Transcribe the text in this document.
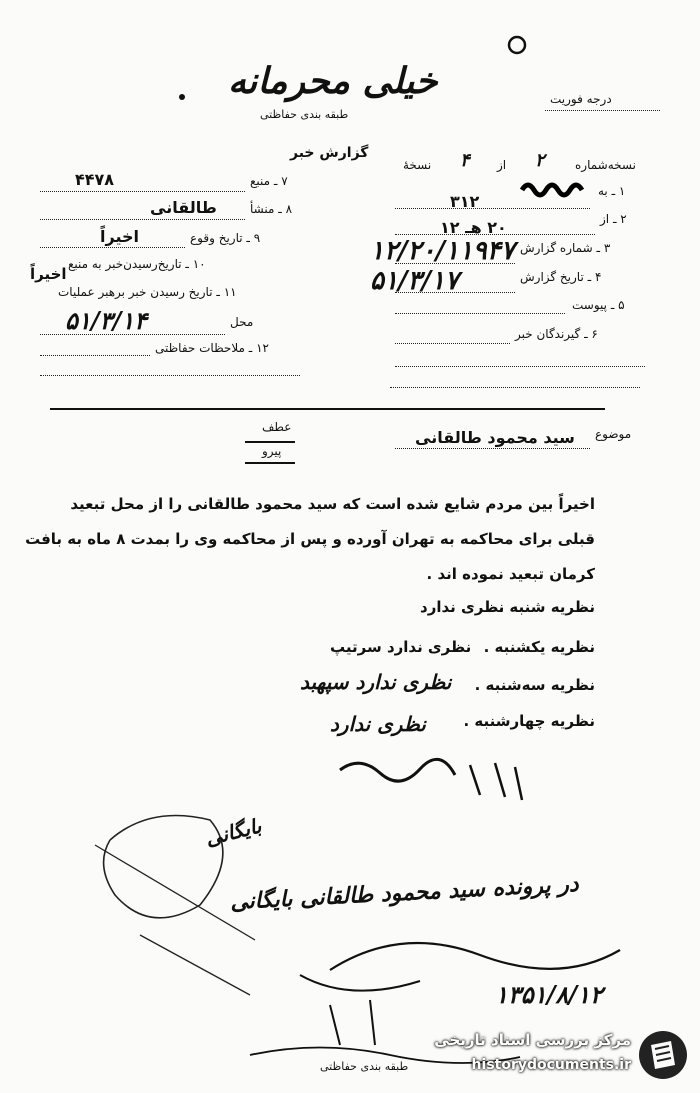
خیلی محرمانه
طبقه بندی حفاظتی
درجه فوریت
گزارش خبر
۷ ـ منبع
۴۴۷۸
۸ ـ منشأ
طالقانی
۹ ـ تاریخ وقوع
اخیراً
۱۰ ـ تاریخ‌رسیدن‌خبر به منبع
اخیراً
۱۱ ـ تاریخ رسیدن خبر برهبر عملیات
محل
۵۱/۳/۱۴
۱۲ ـ ملاحظات حفاظتی
نسخه‌شماره
۲
از
۴
نسخهٔ
۱ ـ به
۳۱۲
۲ ـ از
۲۰ هـ ۱۲
۳ ـ شماره گزارش
۱۲/۲۰/۱۱۹۴۷
۴ ـ تاریخ گزارش
۵۱/۳/۱۷
۵ ـ پیوست
۶ ـ گیرندگان خبر
موضوع
سید محمود طالقانی
عطف
پیرو
اخیراً بین مردم شایع شده است که سید محمود طالقانی را از محل تبعید
قبلی برای محاکمه به تهران آورده و پس از محاکمه وی را بمدت ۸ ماه به بافت
کرمان تبعید نموده اند .
نظریه شنبه .
نظری ندارد
نظریه یکشنبه .
نظری ندارد سرتیپ
نظریه سه‌شنبه .
نظری ندارد سپهبد
نظریه چهارشنبه .
نظری ندارد
بایگانی
در پرونده سید محمود طالقانی بایگانی
۱۳۵۱/۸/۱۲
طبقه بندی حفاظتی
مرکز بررسی اسناد تاریخی
historydocuments.ir
